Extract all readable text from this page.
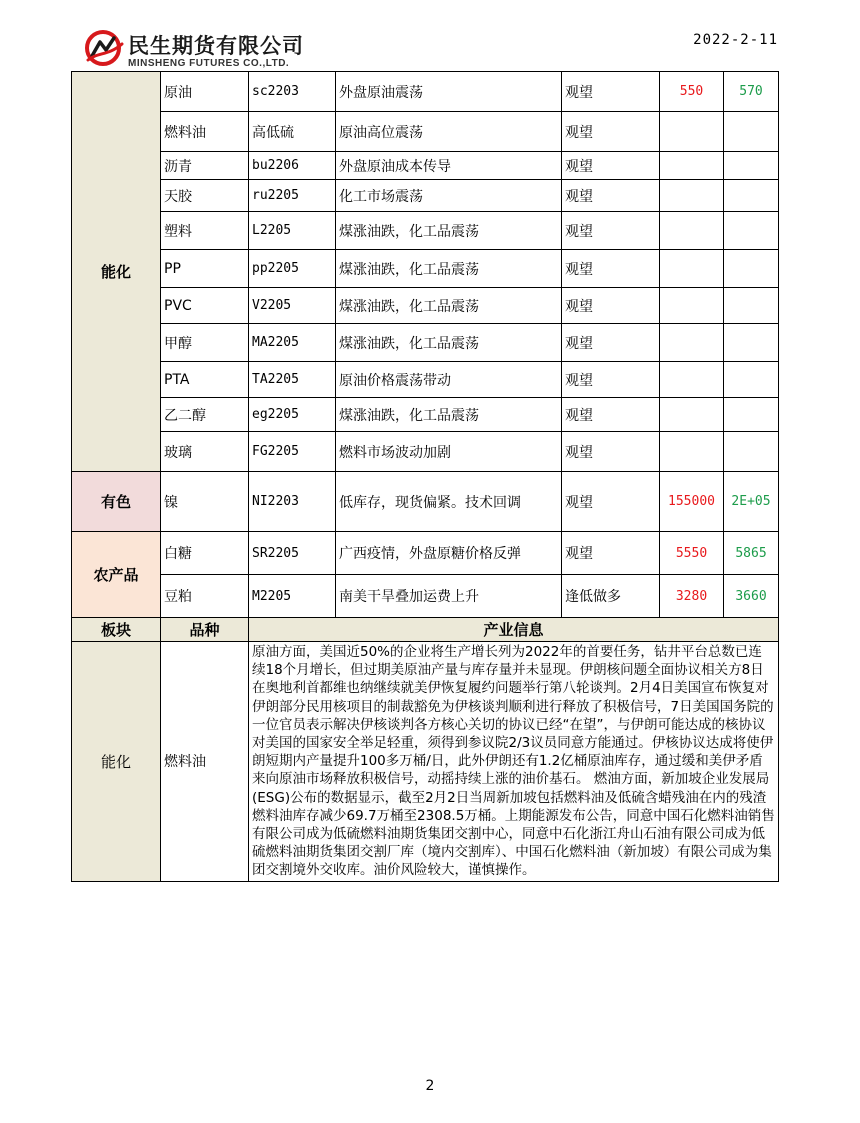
民生期货有限公司
MINSHENG FUTURES CO.,LTD.
2022-2-11
能化	原油	sc2203	外盘原油震荡	观望	550	570
	燃料油	高低硫	原油高位震荡	观望		
	沥青	bu2206	外盘原油成本传导	观望		
	天胶	ru2205	化工市场震荡	观望		
	塑料	L2205	煤涨油跌，化工品震荡	观望		
	PP	pp2205	煤涨油跌，化工品震荡	观望		
	PVC	V2205	煤涨油跌，化工品震荡	观望		
	甲醇	MA2205	煤涨油跌，化工品震荡	观望		
	PTA	TA2205	原油价格震荡带动	观望		
	乙二醇	eg2205	煤涨油跌，化工品震荡	观望		
	玻璃	FG2205	燃料市场波动加剧	观望		
有色	镍	NI2203	低库存，现货偏紧。技术回调	观望	155000	2E+05
农产品	白糖	SR2205	广西疫情，外盘原糖价格反弹	观望	5550	5865
	豆粕	M2205	南美干旱叠加运费上升	逢低做多	3280	3660
板块	品种	产业信息				
能化	燃料油	原油方面，美国近50%的企业将生产增长列为2022年的首要任务，钻井平台总数已连续18个月增长，但过期美原油产量与库存量并未显现。伊朗核问题全面协议相关方8日在奥地利首都维也纳继续就美伊恢复履约问题举行第八轮谈判。2月4日美国宣布恢复对伊朗部分民用核项目的制裁豁免为伊核谈判顺利进行释放了积极信号，7日美国国务院的一位官员表示解决伊核谈判各方核心关切的协议已经“在望”，与伊朗可能达成的核协议对美国的国家安全举足轻重，须得到参议院2/3议员同意方能通过。伊核协议达成将使伊朗短期内产量提升100多万桶/日，此外伊朗还有1.2亿桶原油库存，通过缓和美伊矛盾来向原油市场释放积极信号，动摇持续上涨的油价基石。 燃油方面，新加坡企业发展局(ESG)公布的数据显示，截至2月2日当周新加坡包括燃料油及低硫含蜡残油在内的残渣燃料油库存减少69.7万桶至2308.5万桶。上期能源发布公告，同意中国石化燃料油销售有限公司成为低硫燃料油期货集团交割中心，同意中石化浙江舟山石油有限公司成为低硫燃料油期货集团交割厂库（境内交割库）、中国石化燃料油（新加坡）有限公司成为集团交割境外交收库。油价风险较大，谨慎操作。				
2
